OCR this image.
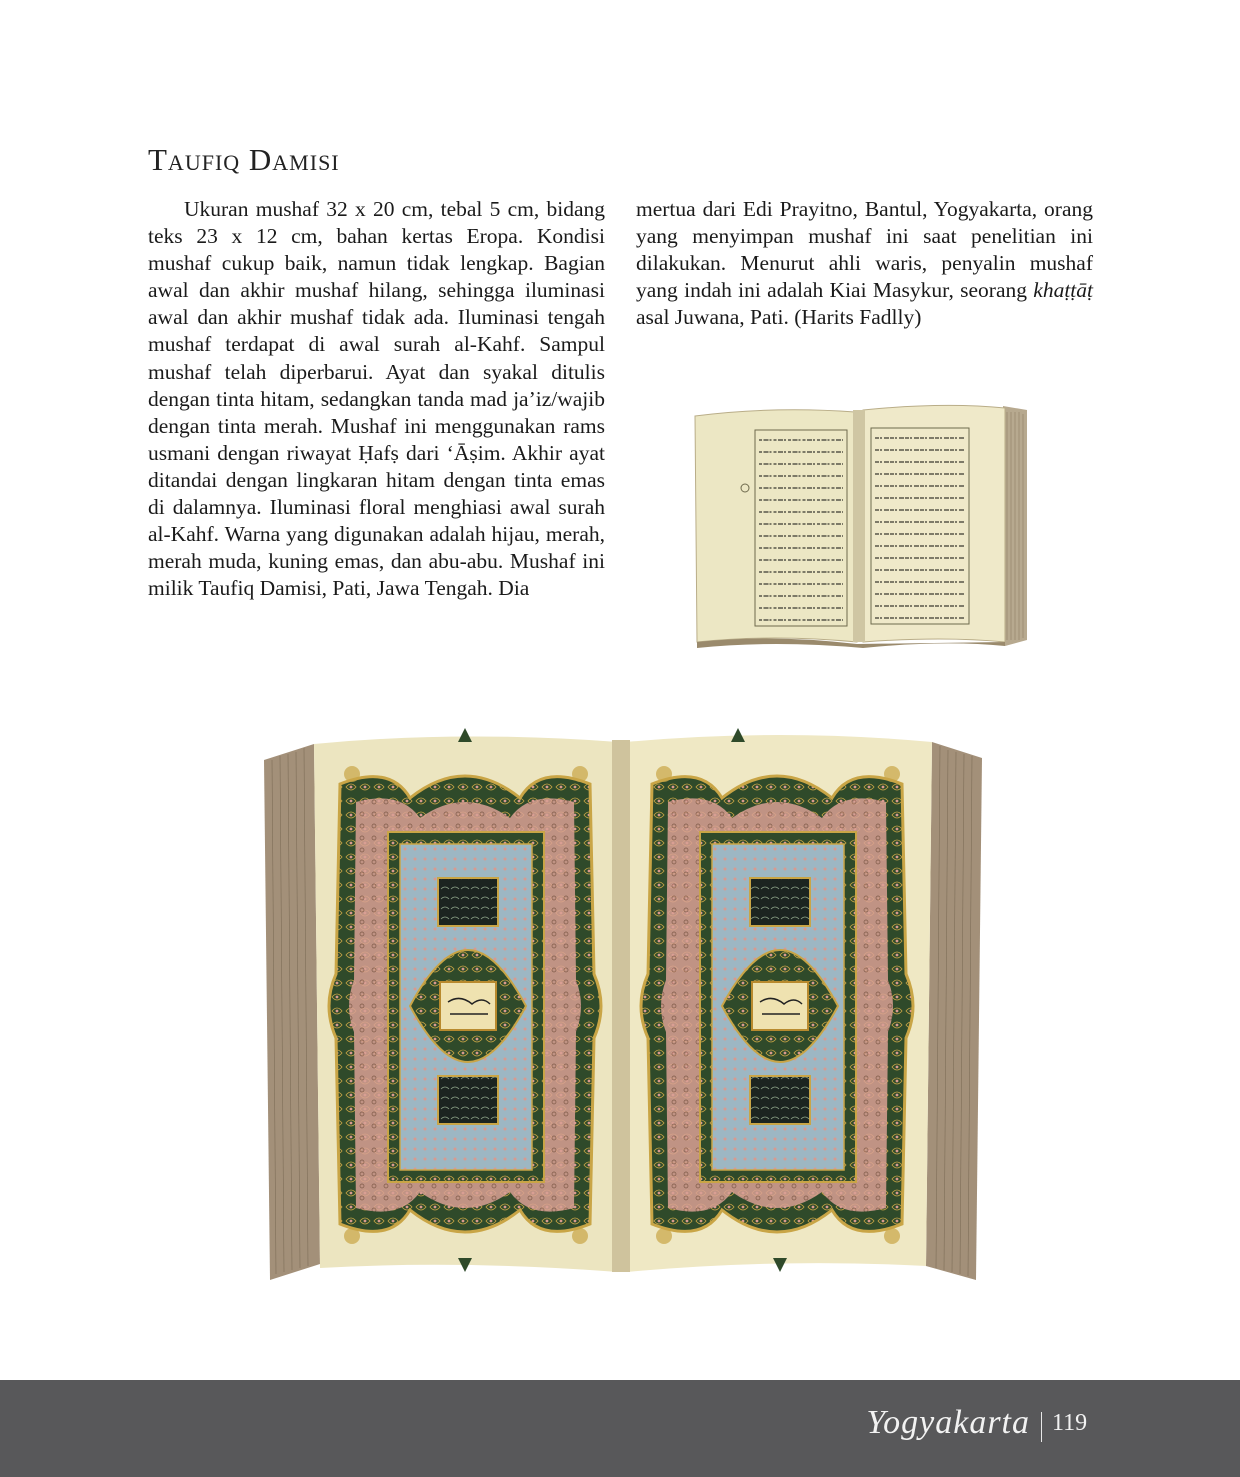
Taufiq Damisi

Ukuran mushaf 32 x 20 cm, tebal 5 cm, bidang teks 23 x 12 cm, bahan kertas Eropa. Kondisi mushaf cukup baik, namun tidak lengkap. Bagian awal dan akhir mushaf hilang, sehingga iluminasi awal dan akhir mushaf tidak ada. Iluminasi tengah mushaf terdapat di awal surah al-Kahf. Sampul mushaf telah diperbarui. Ayat dan syakal ditulis dengan tinta hitam, sedangkan tanda mad ja’iz/wajib dengan tinta merah. Mushaf ini menggunakan rams usmani dengan riwayat Ḥafṣ dari ‘Āṣim. Akhir ayat ditandai dengan lingkaran hitam dengan tinta emas di dalamnya. Iluminasi floral menghiasi awal surah al-Kahf. Warna yang digunakan adalah hijau, merah, merah muda, kuning emas, dan abu-abu. Mushaf ini milik Taufiq Damisi, Pati, Jawa Tengah. Dia

mertua dari Edi Prayitno, Bantul, Yogyakarta, orang yang menyimpan mushaf ini saat penelitian ini dilakukan. Menurut ahli waris, penyalin mushaf yang indah ini adalah Kiai Masykur, seorang khaṭṭāṭ asal Juwana, Pati. (Harits Fadlly)

Yogyakarta 119
